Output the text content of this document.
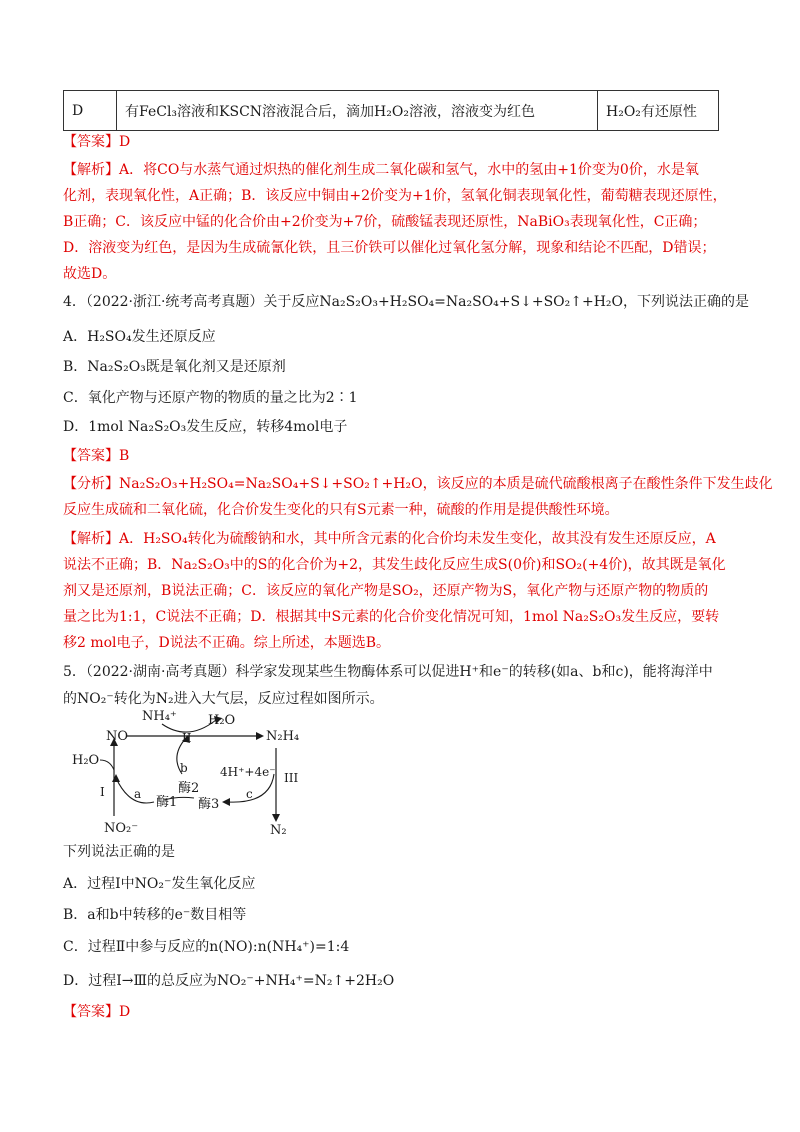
D	有FeCl₃溶液和KSCN溶液混合后，滴加H₂O₂溶液，溶液变为红色	H₂O₂有还原性
【答案】D
【解析】A．将CO与水蒸气通过炽热的催化剂生成二氧化碳和氢气，水中的氢由+1价变为0价，水是氧
化剂，表现氧化性，A正确；B．该反应中铜由+2价变为+1价，氢氧化铜表现氧化性，葡萄糖表现还原性，
B正确；C．该反应中锰的化合价由+2价变为+7价，硫酸锰表现还原性，NaBiO₃表现氧化性，C正确；
D．溶液变为红色，是因为生成硫氰化铁，且三价铁可以催化过氧化氢分解，现象和结论不匹配，D错误；
故选D。
4．（2022·浙江·统考高考真题）关于反应Na₂S₂O₃+H₂SO₄=Na₂SO₄+S↓+SO₂↑+H₂O，下列说法正确的是
A．H₂SO₄发生还原反应
B．Na₂S₂O₃既是氧化剂又是还原剂
C．氧化产物与还原产物的物质的量之比为2∶1
D．1mol Na₂S₂O₃发生反应，转移4mol电子
【答案】B
【分析】Na₂S₂O₃+H₂SO₄=Na₂SO₄+S↓+SO₂↑+H₂O，该反应的本质是硫代硫酸根离子在酸性条件下发生歧化
反应生成硫和二氧化硫，化合价发生变化的只有S元素一种，硫酸的作用是提供酸性环境。
【解析】A．H₂SO₄转化为硫酸钠和水，其中所含元素的化合价均未发生变化，故其没有发生还原反应，A
说法不正确；B．Na₂S₂O₃中的S的化合价为+2，其发生歧化反应生成S(0价)和SO₂(+4价)，故其既是氧化
剂又是还原剂，B说法正确；C．该反应的氧化产物是SO₂，还原产物为S，氧化产物与还原产物的物质的
量之比为1:1，C说法不正确；D．根据其中S元素的化合价变化情况可知，1mol Na₂S₂O₃发生反应，要转
移2 mol电子，D说法不正确。综上所述，本题选B。
5．（2022·湖南·高考真题）科学家发现某些生物酶体系可以促进H⁺和e⁻的转移(如a、b和c)，能将海洋中
的NO₂⁻转化为N₂进入大气层，反应过程如图所示。
NH₄⁺ H₂O
II
NO	N₂H₄
H₂O	b
酶2
4H⁺+4e⁻ III
I a
酶1
c
酶3
NO₂⁻	N₂
下列说法正确的是
A．过程Ⅰ中NO₂⁻发生氧化反应
B．a和b中转移的e⁻数目相等
C．过程Ⅱ中参与反应的n(NO):n(NH₄⁺)=1:4
D．过程Ⅰ→Ⅲ的总反应为NO₂⁻+NH₄⁺=N₂↑+2H₂O
【答案】D
